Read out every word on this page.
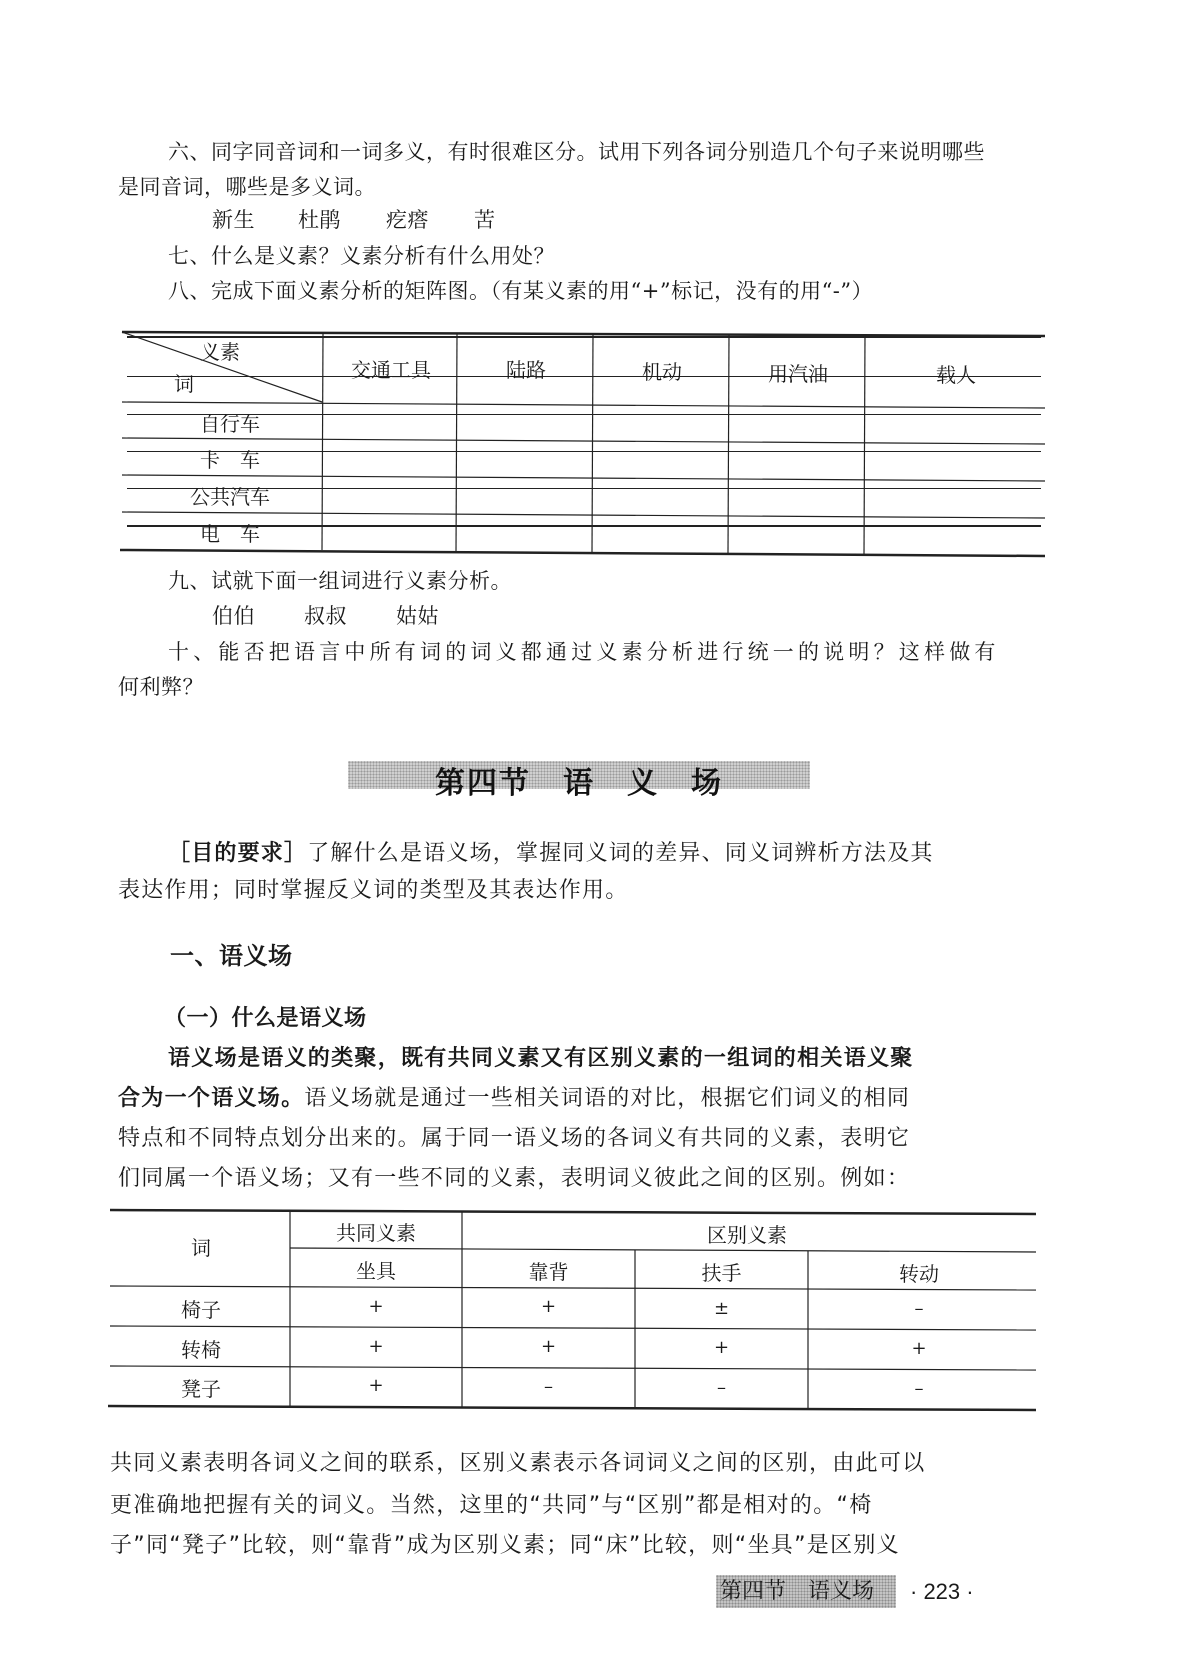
六、同字同音词和一词多义，有时很难区分。试用下列各词分别造几个句子来说明哪些
是同音词，哪些是多义词。
新生 杜鹃 疙瘩 苦
七、什么是义素？义素分析有什么用处？
八、完成下面义素分析的矩阵图。（有某义素的用“+”标记，没有的用“-”）
义素
词
交通工具	陆路	机动	用汽油	载人
自行车
卡　车
公共汽车
电　车
九、试就下面一组词进行义素分析。
伯伯 叔叔 姑姑
十、能否把语言中所有词的词义都通过义素分析进行统一的说明？这样做有
何利弊？
第四节　语　义　场
［目的要求］了解什么是语义场，掌握同义词的差异、同义词辨析方法及其
表达作用；同时掌握反义词的类型及其表达作用。
一、语义场
（一）什么是语义场
语义场是语义的类聚，既有共同义素又有区别义素的一组词的相关语义聚
合为一个语义场。语义场就是通过一些相关词语的对比，根据它们词义的相同
特点和不同特点划分出来的。属于同一语义场的各词义有共同的义素，表明它
们同属一个语义场；又有一些不同的义素，表明词义彼此之间的区别。例如：
词
共同义素	区别义素
坐具	靠背	扶手	转动
椅子	+	+	±	–
转椅	+	+	+	+
凳子	+	–	–	–
共同义素表明各词义之间的联系，区别义素表示各词词义之间的区别，由此可以
更准确地把握有关的词义。当然，这里的“共同”与“区别”都是相对的。“椅
子”同“凳子”比较，则“靠背”成为区别义素；同“床”比较，则“坐具”是区别义
第四节　语义场 · 223 ·
